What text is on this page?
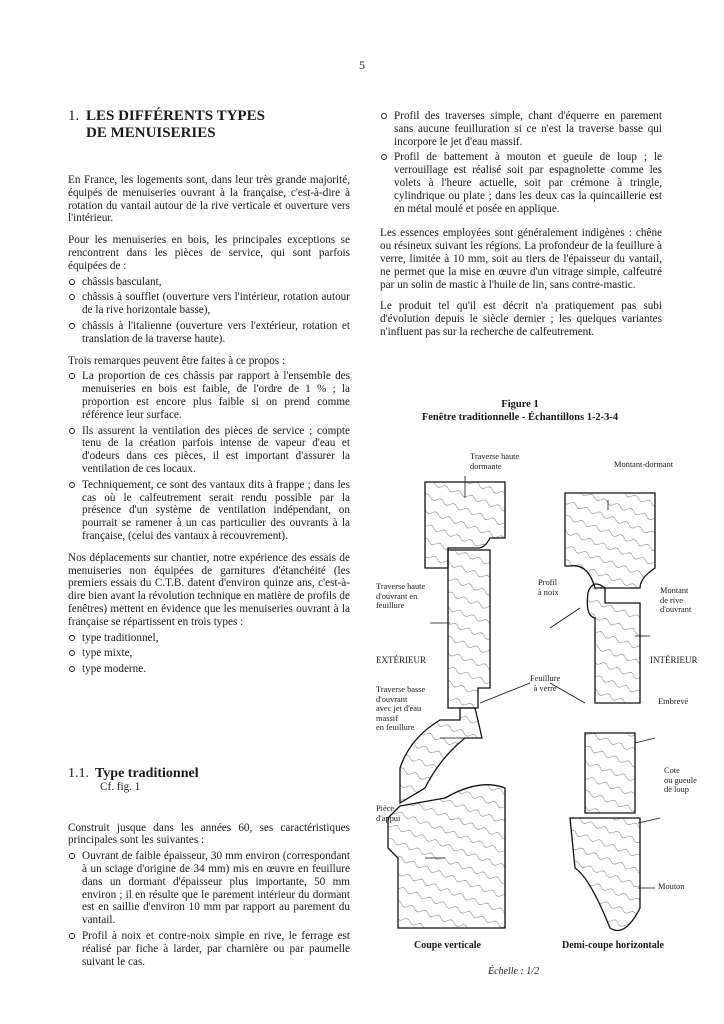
5
1. LES DIFFÉRENTS TYPES
DE MENUISERIES

En France, les logements sont, dans leur très grande majorité, équipés de menuiseries ouvrant à la française, c'est-à-dire à rotation du vantail autour de la rive verticale et ouverture vers l'intérieur.

Pour les menuiseries en bois, les principales exceptions se rencontrent dans les pièces de service, qui sont parfois équipées de :

châssis basculant,
châssis à soufflet (ouverture vers l'intérieur, rotation autour de la rive horizontale basse),
châssis à l'italienne (ouverture vers l'extérieur, rotation et translation de la traverse haute).

Trois remarques peuvent être faites à ce propos :

La proportion de ces châssis par rapport à l'ensemble des menuiseries en bois est faible, de l'ordre de 1 % ; la proportion est encore plus faible si on prend comme référence leur surface.
Ils assurent la ventilation des pièces de service ; compte tenu de la création parfois intense de vapeur d'eau et d'odeurs dans ces pièces, il est important d'assurer la ventilation de ces locaux.
Techniquement, ce sont des vantaux dits à frappe ; dans les cas où le calfeutrement serait rendu possible par la présence d'un système de ventilation indépendant, on pourrait se ramener à un cas particulier des ouvrants à la française, (celui des vantaux à recouvrement).

Nos déplacements sur chantier, notre expérience des essais de menuiseries non équipées de garnitures d'étanchéité (les premiers essais du C.T.B. datent d'environ quinze ans, c'est-à-dire bien avant la révolution technique en matière de profils de fenêtres) mettent en évidence que les menuiseries ouvrant à la française se répartissent en trois types :

type traditionnel,
type mixte,
type moderne.
1.1. Type traditionnel
Cf. fig. 1

Construit jusque dans les années 60, ses caractéristiques principales sont les suivantes :

Ouvrant de faible épaisseur, 30 mm environ (correspondant à un sciage d'origine de 34 mm) mis en œuvre en feuillure dans un dormant d'épaisseur plus importante, 50 mm environ ; il en résulte que le parement intérieur du dormant est en saillie d'environ 10 mm par rapport au parement du vantail.
Profil à noix et contre-noix simple en rive, le ferrage est réalisé par fiche à larder, par charnière ou par paumelle suivant le cas.
Profil des traverses simple, chant d'équerre en parement sans aucune feuilluration si ce n'est la traverse basse qui incorpore le jet d'eau massif.
Profil de battement à mouton et gueule de loup ; le verrouillage est réalisé soit par espagnolette comme les volets à l'heure actuelle, soit par crémone à tringle, cylindrique ou plate ; dans les deux cas la quincaillerie est en métal moulé et posée en applique.

Les essences employées sont généralement indigènes : chêne ou résineux suivant les régions. La profondeur de la feuillure à verre, limitée à 10 mm, soit au tiers de l'épaisseur du vantail, ne permet que la mise en œuvre d'un vitrage simple, calfeutré par un solin de mastic à l'huile de lin, sans contre-mastic.

Le produit tel qu'il est décrit n'a pratiquement pas subi d'évolution depuis le siècle dernier ; les quelques variantes n'influent pas sur la recherche de calfeutrement.

Figure 1
Fenêtre traditionnelle - Échantillons 1-2-3-4
Traverse haute
dormante	Montant-dormant
Traverse haute
d'ouvrant en
feuillure
Profil
à noix	Montant
de rive
d'ouvrant
EXTÉRIEUR	INTÉRIEUR
Feuillure
à verre
Traverse basse
d'ouvrant
avec jet d'eau
massif
en feuillure
Embrevé
Cote
ou gueule
de loup
Pièce
d'appui
Mouton
Coupe verticale	Demi-coupe horizontale
Échelle : 1/2
